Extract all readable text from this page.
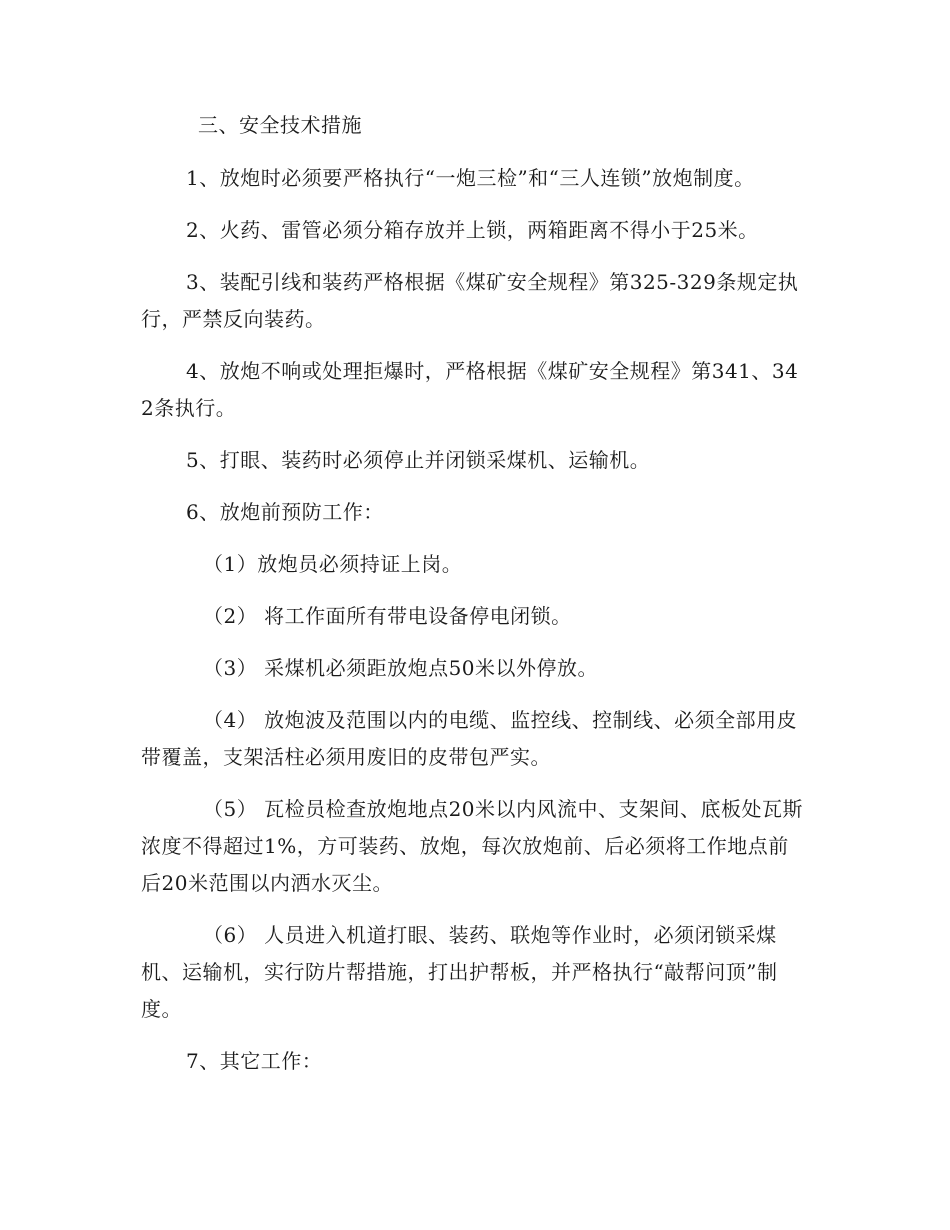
三、安全技术措施

1、放炮时必须要严格执行“一炮三检”和“三人连锁”放炮制度。

2、火药、雷管必须分箱存放并上锁，两箱距离不得小于25米。

3、装配引线和装药严格根据《煤矿安全规程》第325-329条规定执行，严禁反向装药。

4、放炮不响或处理拒爆时，严格根据《煤矿安全规程》第341、342条执行。

5、打眼、装药时必须停止并闭锁采煤机、运输机。

6、放炮前预防工作：

（1）放炮员必须持证上岗。

（2） 将工作面所有带电设备停电闭锁。

（3） 采煤机必须距放炮点50米以外停放。

（4） 放炮波及范围以内的电缆、监控线、控制线、必须全部用皮带覆盖，支架活柱必须用废旧的皮带包严实。

（5） 瓦检员检查放炮地点20米以内风流中、支架间、底板处瓦斯浓度不得超过1%，方可装药、放炮，每次放炮前、后必须将工作地点前后20米范围以内洒水灭尘。

（6） 人员进入机道打眼、装药、联炮等作业时，必须闭锁采煤机、运输机，实行防片帮措施，打出护帮板，并严格执行“敲帮问顶”制度。

7、其它工作：
